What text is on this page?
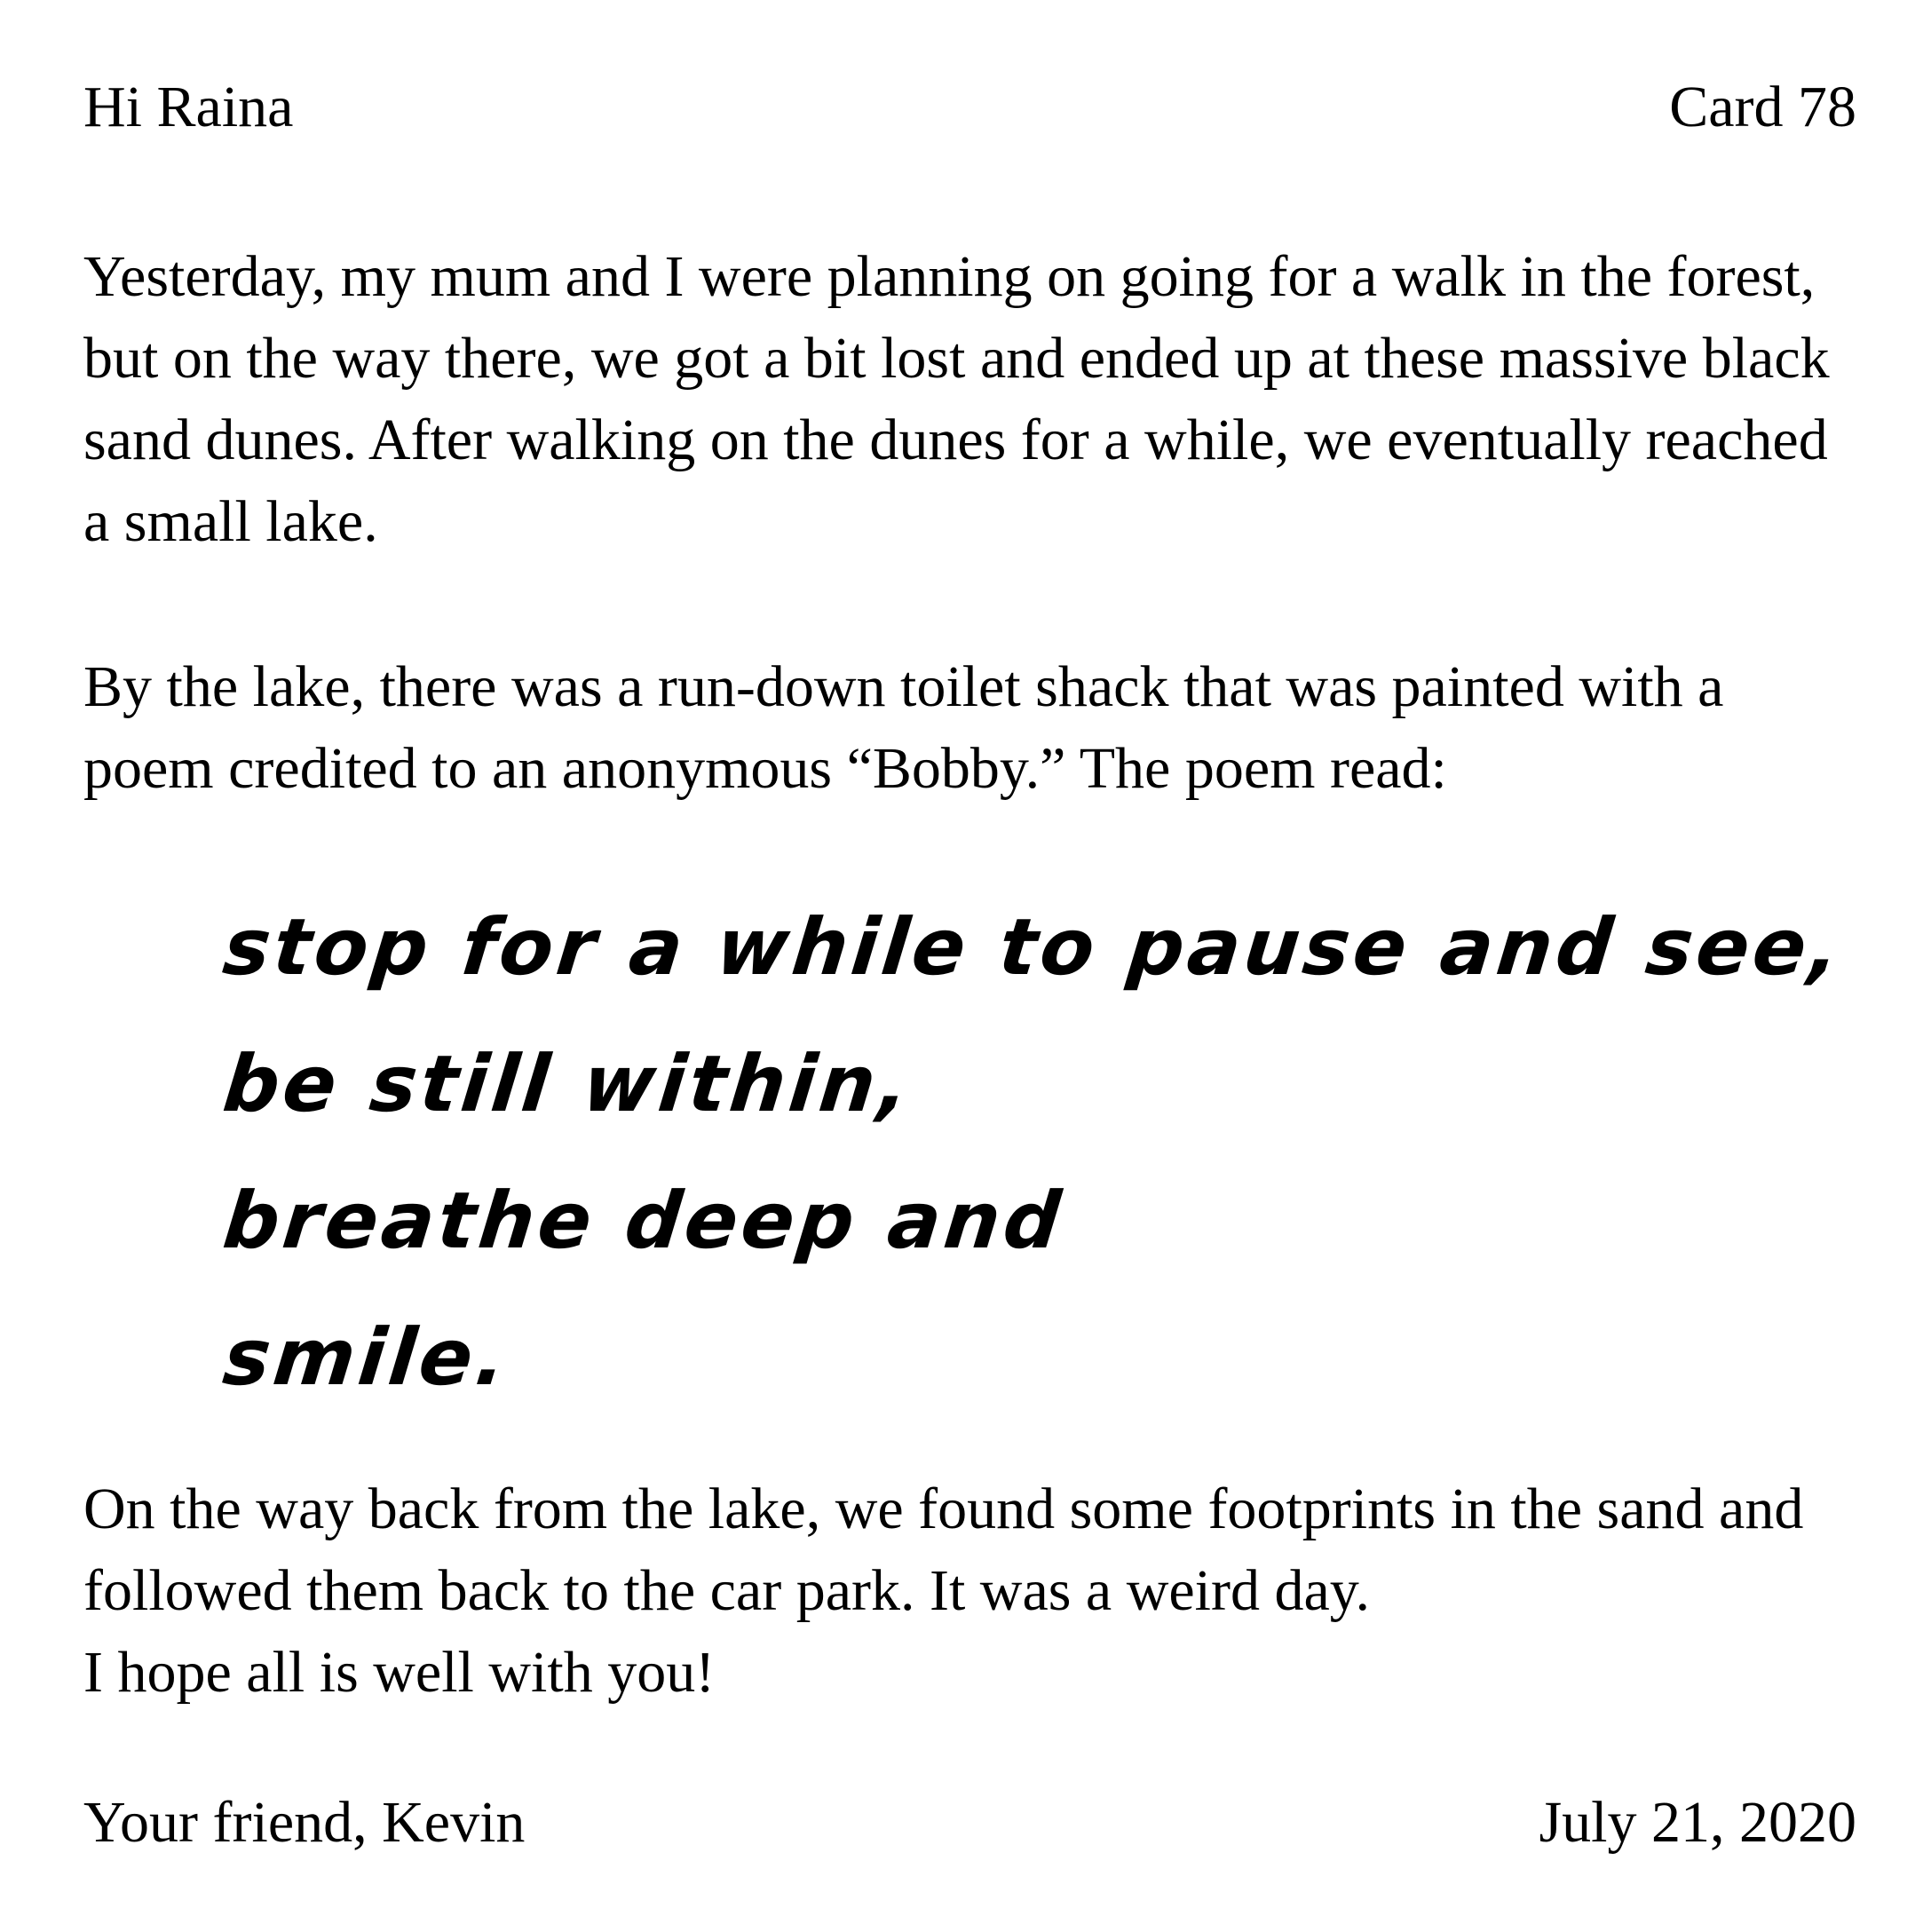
Hi Raina	Card 78

Yesterday, my mum and I were planning on going for a walk in the forest, but on the way there, we got a bit lost and ended up at these massive black sand dunes. After walking on the dunes for a while, we eventually reached a small lake.

By the lake, there was a run-down toilet shack that was painted with a poem credited to an anonymous “Bobby.” The poem read:

stop for a while to pause and see,
be still within,
breathe deep and
smile.
On the way back from the lake, we found some footprints in the sand and followed them back to the car park. It was a weird day.
I hope all is well with you!
Your friend, Kevin	July 21, 2020
